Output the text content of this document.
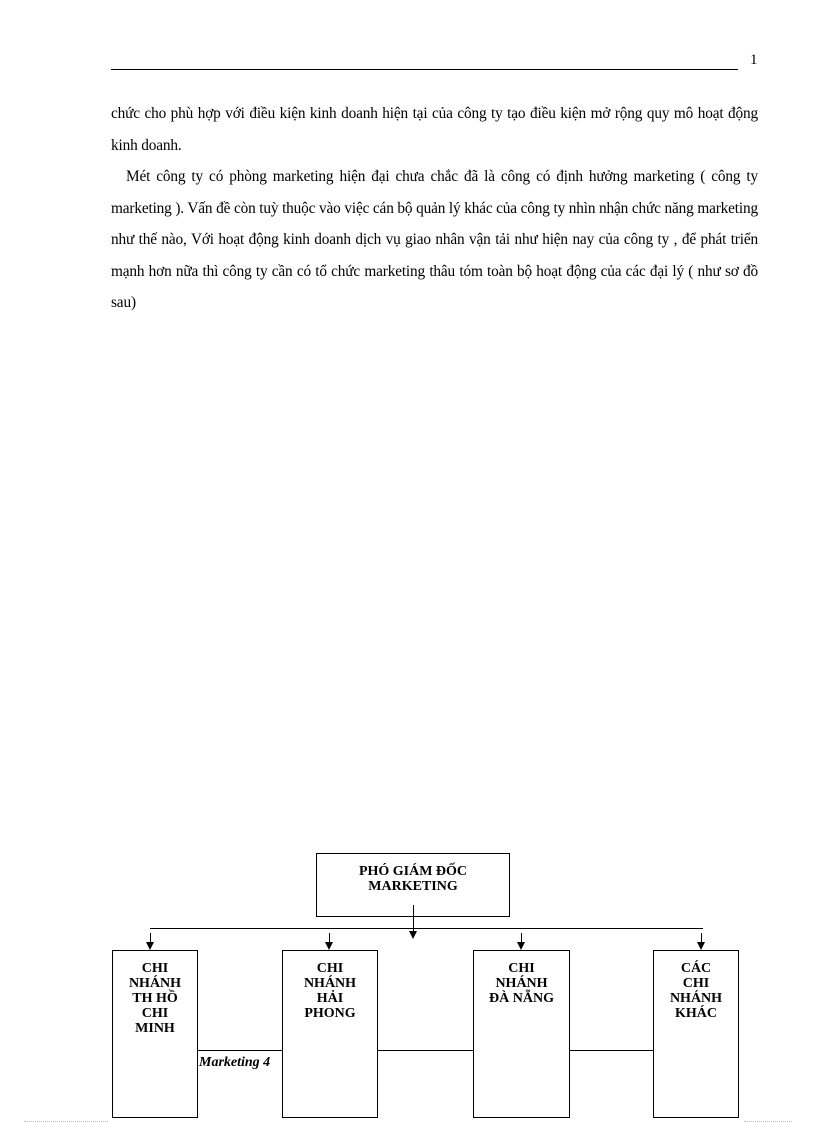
1

chức cho phù hợp với điều kiện kinh doanh hiện tại của công ty tạo điều kiện mở rộng quy mô hoạt động kinh doanh.

Mét công ty có phòng marketing hiện đại chưa chắc đã là công có định hưởng marketing ( công ty marketing ). Vấn đề còn tuỳ thuộc vào việc cán bộ quản lý khác của công ty nhìn nhận chức năng marketing như thế nào, Với hoạt động kinh doanh dịch vụ giao nhân vận tải như hiện nay của công ty , để phát triển mạnh hơn nữa thì công ty cần có tổ chức marketing thâu tóm toàn bộ hoạt động của các đại lý ( như sơ đồ sau)

PHÓ GIÁM ĐỐC
MARKETING
CHI
NHÁNH
TH HỒ
CHI
MINH
CHI
NHÁNH
HẢI
PHONG
CHI
NHÁNH
ĐÀ NẴNG
CÁC
CHI
NHÁNH
KHÁC
Marketing 4
